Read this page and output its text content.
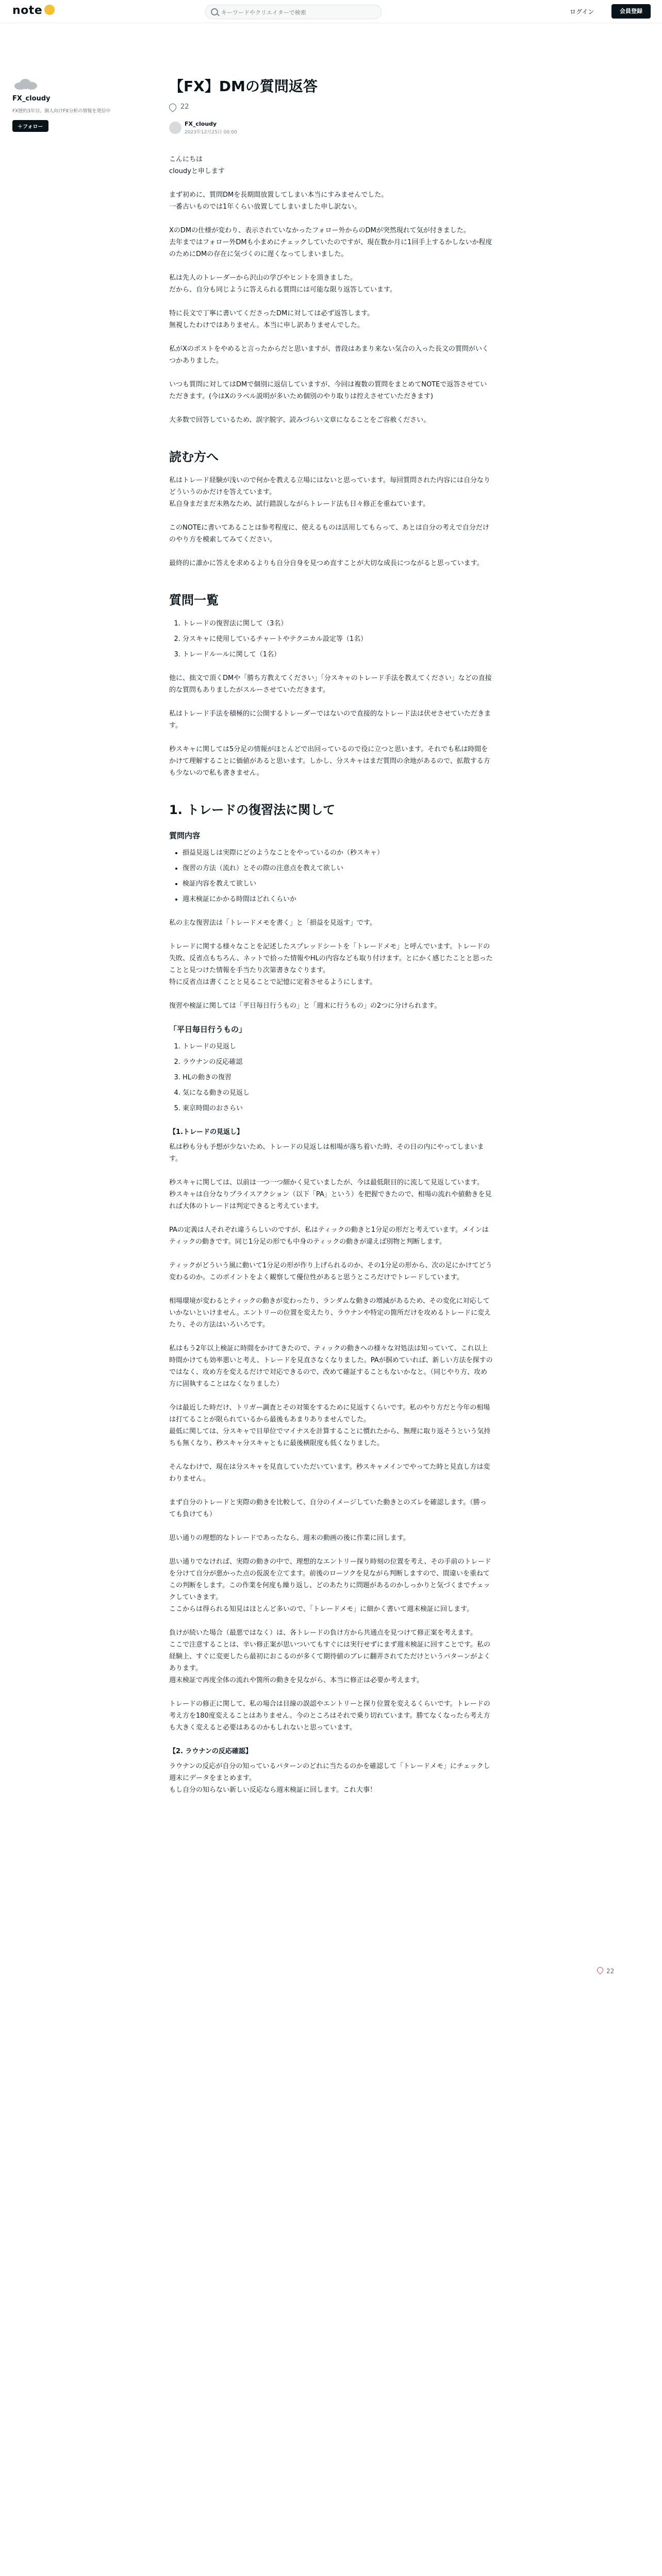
note
キーワードやクリエイターで検索	ログイン	会員登録
FX_cloudy
FX歴約3年目。個人向けFX分析の情報を発信中
＋フォロー
【FX】DMの質問返答
22
FX_cloudy
2023年12月25日 00:00

こんにちは
cloudyと申します

まず初めに、質問DMを長期間放置してしまい本当にすみませんでした。
一番古いものでは1年くらい放置してしまいました申し訳ない。

XのDMの仕様が変わり、表示されていなかったフォロー外からのDMが突然現れて気が付きました。
去年まではフォロー外DMも小まめにチェックしていたのですが、現在数か月に1回手上するかしないか程度のためにDMの存在に気づくのに遅くなってしまいました。

私は先人のトレーダーから沢山の学びやヒントを頂きました。
だから、自分も同じように答えられる質問には可能な限り返答しています。

特に長文で丁寧に書いてくださったDMに対しては必ず返答します。
無視したわけではありません。本当に申し訳ありませんでした。

私がXのポストをやめると言ったからだと思いますが、普段はあまり来ない気合の入った長文の質問がいくつかありました。

いつも質問に対してはDMで個別に返信していますが、今回は複数の質問をまとめてNOTEで返答させていただきます。(今はXのラベル説明が多いため個別のやり取りは控えさせていただきます)

大多数で回答しているため、誤字脱字、読みづらい文章になることをご容赦ください。

読む方へ

私はトレード経験が浅いので何かを教える立場にはないと思っています。毎回質問された内容には自分なりどういうのかだけを答えています。
私自身まだまだ未熟なため、試行錯誤しながらトレード法も日々修正を重ねています。

このNOTEに書いてあることは参考程度に、使えるものは活用してもらって、あとは自分の考えで自分だけのやり方を模索してみてください。

最終的に誰かに答えを求めるよりも自分自身を見つめ直すことが大切な成長につながると思っています。

質問一覧
1. トレードの復習法に関して（3名）
2. 分スキャに使用しているチャートやテクニカル設定等（1名）
3. トレードルールに関して（1名）

他に、拙文で頂くDMや「勝ち方教えてください」「分スキャのトレード手法を教えてください」などの直接的な質問もありましたがスルーさせていただきます。

私はトレード手法を積極的に公開するトレーダーではないので直接的なトレード法は伏せさせていただきます。

秒スキャに関しては5分足の情報がほとんどで出回っているので役に立つと思います。それでも私は時間をかけて理解することに価値があると思います。しかし、分スキャはまだ質問の余地があるので、拡散する方も少ないので私も書きません。

1. トレードの復習法に関して
質問内容
• 損益見返しは実際にどのようなことをやっているのか（秒スキャ）
• 復習の方法（流れ）とその際の注意点を教えて欲しい
• 検証内容を教えて欲しい
• 週末検証にかかる時間はどれくらいか

私の主な復習法は「トレードメモを書く」と「損益を見返す」です。

トレードに関する様々なことを記述したスプレッドシートを「トレードメモ」と呼んでいます。トレードの失敗、反省点もちろん、ネットで拾った情報やHLの内容なども取り付けます。とにかく感じたことと思ったことと見つけた情報を手当たり次第書きなぐります。
特に反省点は書くことと見ることで記憶に定着させるようにします。

復習や検証に関しては「平日毎日行うもの」と「週末に行うもの」の2つに分けられます。

「平日毎日行うもの」
1. トレードの見返し
2. ラウナンの反応確認
3. HLの動きの復習
4. 気になる動きの見返し
5. 東京時間のおさらい
【1.トレードの見返し】

私は秒も分も予想が少ないため、トレードの見返しは相場が落ち着いた時、その日の内にやってしまいます。

秒スキャに関しては、以前は一つ一つ細かく見ていましたが、今は最低限目的に流して見返しています。
秒スキャは自分なりプライスアクション（以下「PA」という）を把握できたので、相場の流れや値動きを見れば大体のトレードは判定できると考えています。

PAの定義は人それぞれ違うらしいのですが、私はティックの動きと1分足の形だと考えています。メインはティックの動きです。同じ1分足の形でも中身のティックの動きが違えば別物と判断します。

ティックがどういう風に動いて1分足の形が作り上げられるのか、その1分足の形から、次の足にかけてどう変わるのか。このポイントをよく観察して優位性があると思うところだけでトレードしています。

相場環境が変わるとティックの動きが変わったり、ランダムな動きの増減があるため、その変化に対応していかないといけません。エントリーの位置を変えたり、ラウナンや特定の箇所だけを攻めるトレードに変えたり、その方法はいろいろです。

私はもう2年以上検証に時間をかけてきたので、ティックの動きへの様々な対処法は知っていて、これ以上時間かけても効率悪いと考え、トレードを見直さなくなりました。PAが掴めていれば、新しい方法を探すのではなく、攻め方を変えるだけで対応できるので、改めて確証することもないかなと。（同じやり方、攻め方に固執することはなくなりました）

今は最近した時だけ、トリガー調査とその対策をするために見返すくらいです。私のやり方だと今年の相場は打てることが限られているから最後もあまりありませんでした。
最低に関しては、分スキャで目単位でマイナスを計算することに慣れたから、無理に取り返そうという気持ちも無くなり、秒スキャ分スキャともに最後横限度も低くなりました。

そんなわけで、現在は分スキャを見直していただいています。秒スキャメインでやってた時と見直し方は変わりません。

まず自分のトレードと実際の動きを比較して、自分のイメージしていた動きとのズレを確認します。（勝っても負けても）

思い通りの理想的なトレードであったなら、週末の動画の後に作業に回します。

思い通りでなければ、実際の動きの中で、理想的なエントリー探り時刻の位置を考え、その手前のトレードを分けて自分が悪かった点の仮説を立てます。前後のローソクを見ながら判断しますので、間違いを重ねてこの判断をします。この作業を何度も繰り返し、どのあたりに問題があるのかしっかりと気づくまでチェックしていきます。
ここからは得られる知見はほとんど多いので、「トレードメモ」に細かく書いて週末検証に回します。

負けが続いた場合（最悪ではなく）は、各トレードの負け方から共通点を見つけて修正案を考えます。
ここで注意することは、辛い修正案が思いついてもすぐには実行せずにまず週末検証に回すことです。私の経験上、すぐに変更したら最初におこるのが多くて期待値のブレに翻弄されてただけというパターンがよくあります。
週末検証で再度全体の流れや箇所の動きを見ながら、本当に修正は必要か考えます。

トレードの修正に関して、私の場合は目線の誤認やエントリーと探り位置を変えるくらいです。トレードの考え方を180度変えることはありません。今のところはそれで乗り切れています。勝てなくなったら考え方も大きく変えると必要はあるのかもしれないと思っています。

【2. ラウナンの反応確認】

ラウナンの反応が自分の知っているパターンのどれに当たるのかを確認して「トレードメモ」にチェックし週末にデータをまとめます。
もし自分の知らない新しい反応なら週末検証に回します。これ大事！

22
